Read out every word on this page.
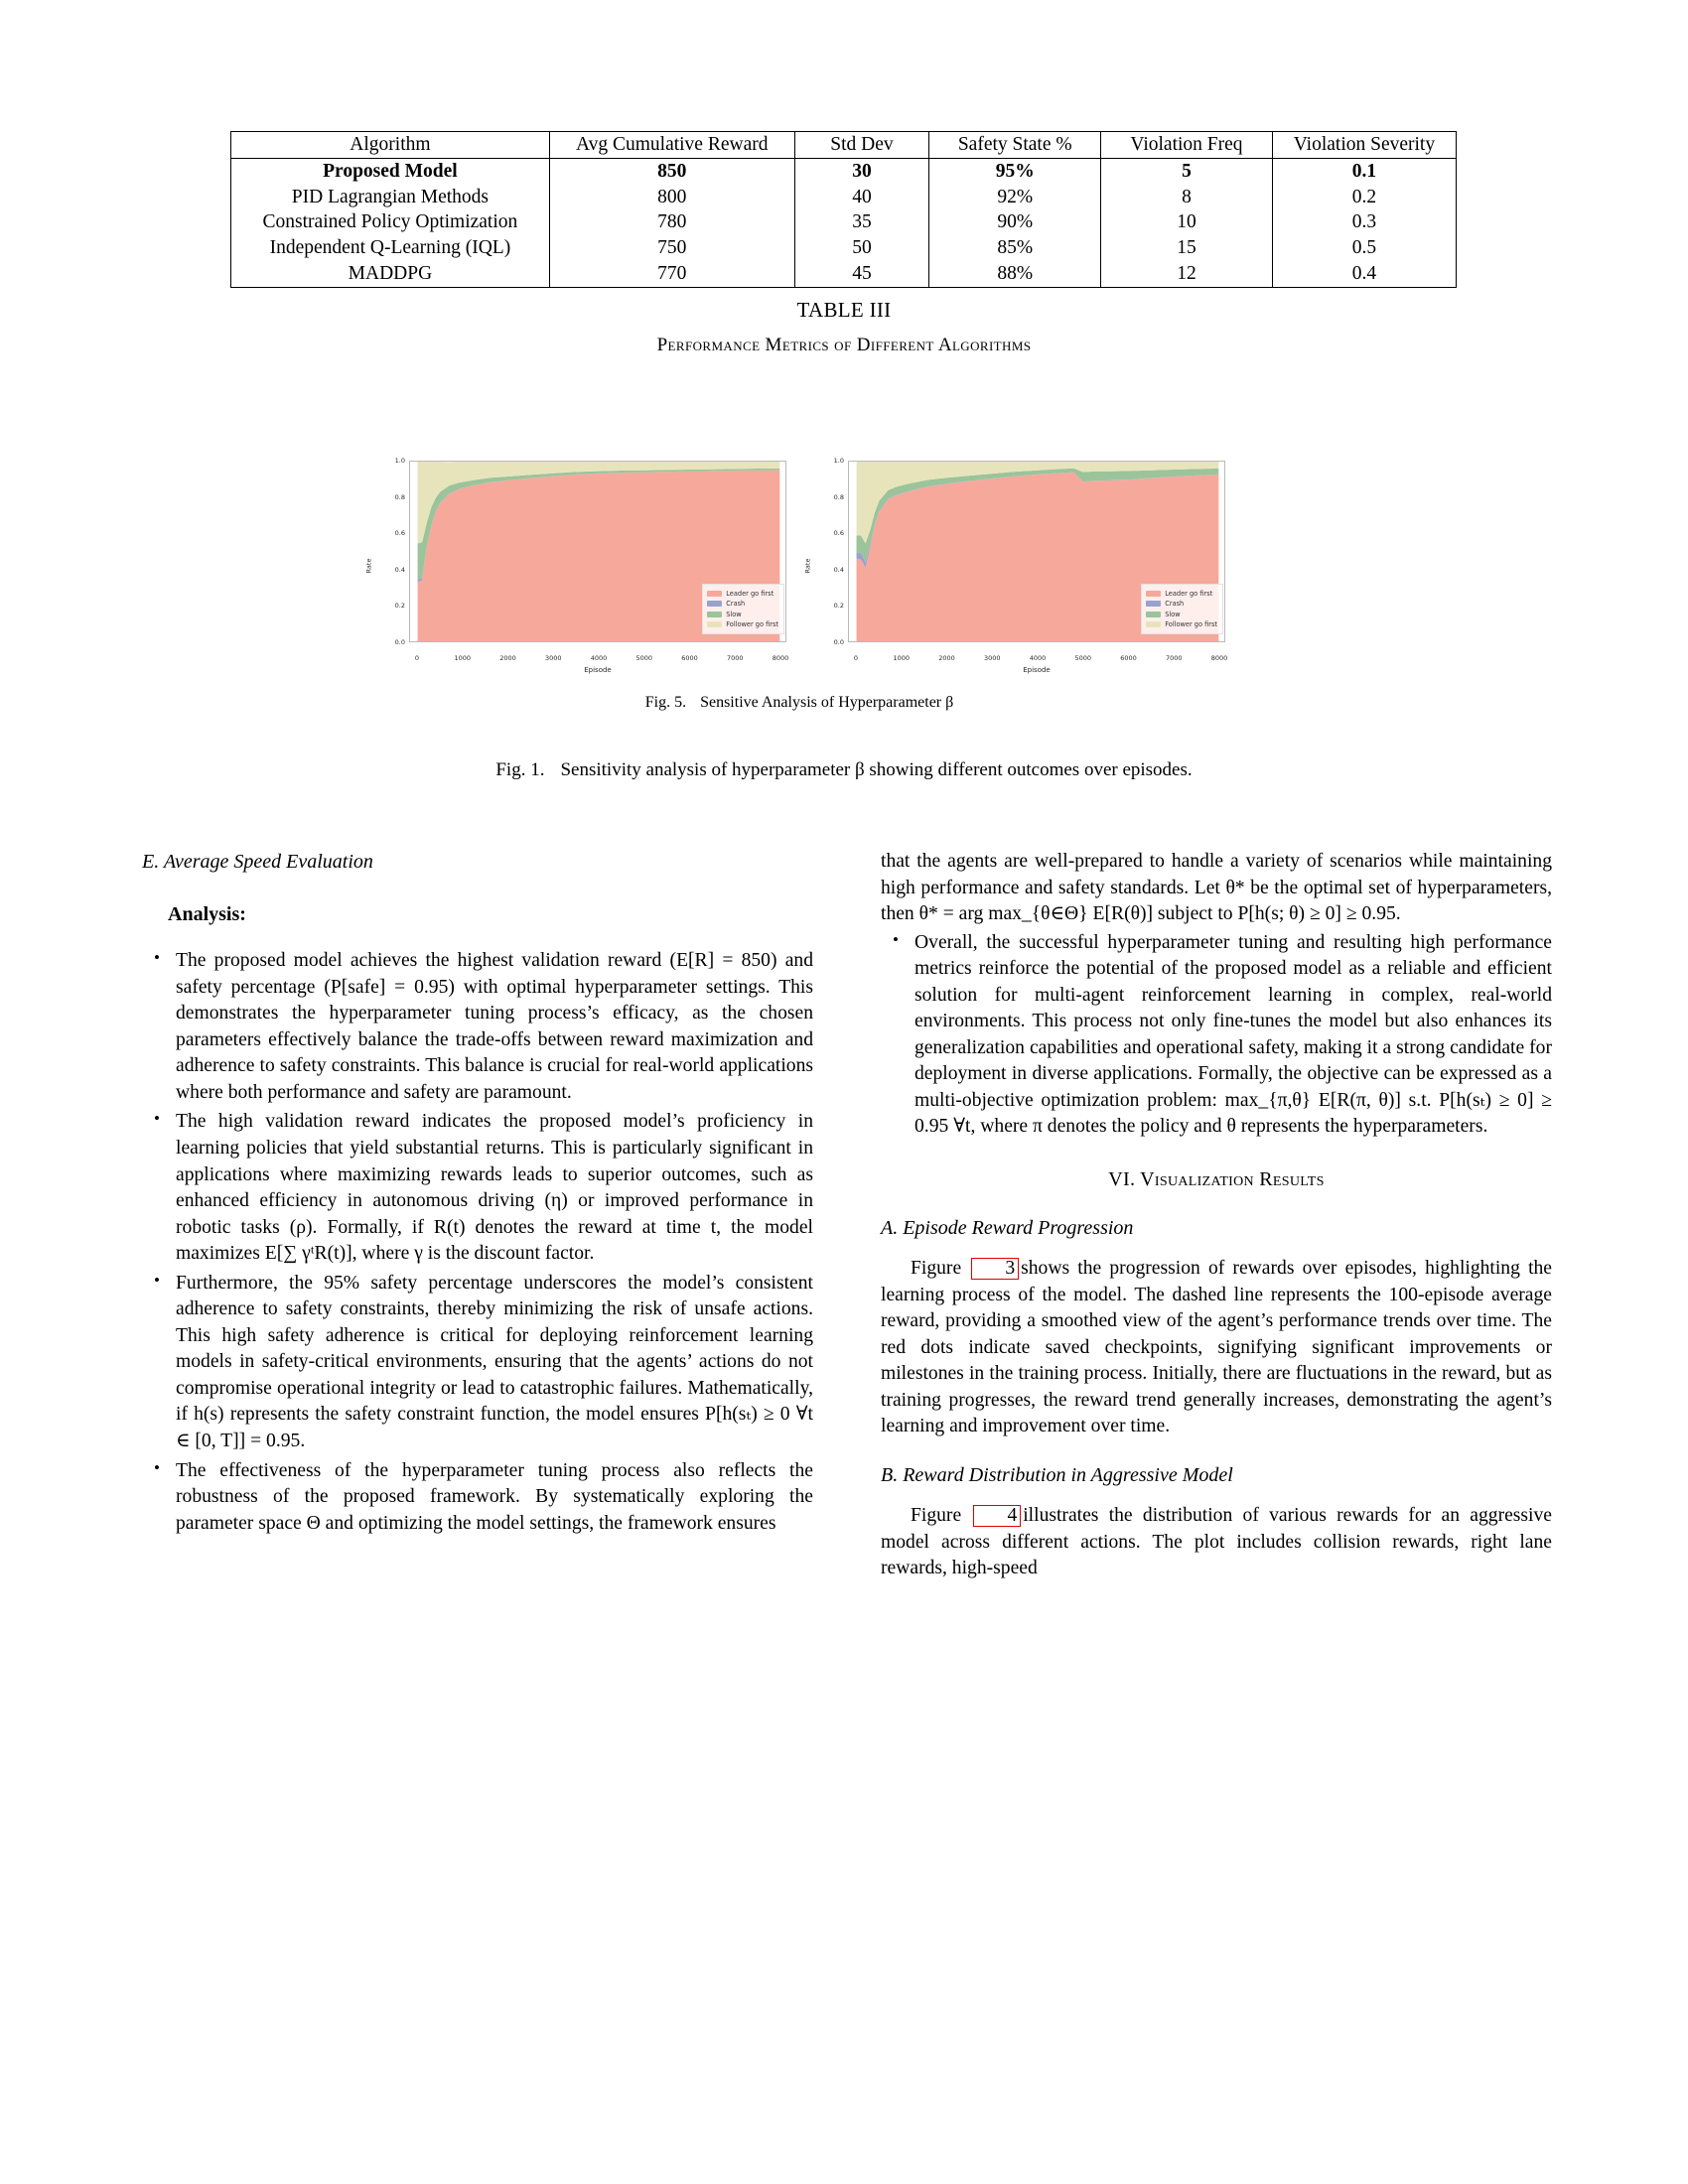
Algorithm	Avg Cumulative Reward	Std Dev	Safety State %	Violation Freq	Violation Severity
Proposed Model	850	30	95%	5	0.1
PID Lagrangian Methods	800	40	92%	8	0.2
Constrained Policy Optimization	780	35	90%	10	0.3
Independent Q-Learning (IQL)	750	50	85%	15	0.5
MADDPG	770	45	88%	12	0.4
TABLE III
Performance Metrics of Different Algorithms
Rate
Episode
Leader go first
Crash
Slow
Follower go first
0.0
0.2
0.4
0.6
0.8
1.0
0	1000	2000	3000	4000	5000	6000	7000	8000
Rate
Episode
Leader go first
Crash
Slow
Follower go first
0.0
0.2
0.4
0.6
0.8
1.0
0	1000	2000	3000	4000	5000	6000	7000	8000
Fig. 5. Sensitive Analysis of Hyperparameter β
Fig. 1. Sensitivity analysis of hyperparameter β showing different outcomes over episodes.
E. Average Speed Evaluation
Analysis:
• The proposed model achieves the highest validation reward (E[R] = 850) and safety percentage (P[safe] = 0.95) with optimal hyperparameter settings. This demonstrates the hyperparameter tuning process’s efficacy, as the chosen parameters effectively balance the trade-offs between reward maximization and adherence to safety constraints. This balance is crucial for real-world applications where both performance and safety are paramount.
• The high validation reward indicates the proposed model’s proficiency in learning policies that yield substantial returns. This is particularly significant in applications where maximizing rewards leads to superior outcomes, such as enhanced efficiency in autonomous driving (η) or improved performance in robotic tasks (ρ). Formally, if R(t) denotes the reward at time t, the model maximizes E[∑ γᵗR(t)], where γ is the discount factor.
• Furthermore, the 95% safety percentage underscores the model’s consistent adherence to safety constraints, thereby minimizing the risk of unsafe actions. This high safety adherence is critical for deploying reinforcement learning models in safety-critical environments, ensuring that the agents’ actions do not compromise operational integrity or lead to catastrophic failures. Mathematically, if h(s) represents the safety constraint function, the model ensures P[h(sₜ) ≥ 0 ∀t ∈ [0, T]] = 0.95.
• The effectiveness of the hyperparameter tuning process also reflects the robustness of the proposed framework. By systematically exploring the parameter space Θ and optimizing the model settings, the framework ensures

that the agents are well-prepared to handle a variety of scenarios while maintaining high performance and safety standards. Let θ* be the optimal set of hyperparameters, then θ* = arg max_{θ∈Θ} E[R(θ)] subject to P[h(s; θ) ≥ 0] ≥ 0.95.

• Overall, the successful hyperparameter tuning and resulting high performance metrics reinforce the potential of the proposed model as a reliable and efficient solution for multi-agent reinforcement learning in complex, real-world environments. This process not only fine-tunes the model but also enhances its generalization capabilities and operational safety, making it a strong candidate for deployment in diverse applications. Formally, the objective can be expressed as a multi-objective optimization problem: max_{π,θ} E[R(π, θ)] s.t. P[h(sₜ) ≥ 0] ≥ 0.95 ∀t, where π denotes the policy and θ represents the hyperparameters.
VI. Visualization Results
A. Episode Reward Progression

Figure 3 shows the progression of rewards over episodes, highlighting the learning process of the model. The dashed line represents the 100-episode average reward, providing a smoothed view of the agent’s performance trends over time. The red dots indicate saved checkpoints, signifying significant improvements or milestones in the training process. Initially, there are fluctuations in the reward, but as training progresses, the reward trend generally increases, demonstrating the agent’s learning and improvement over time.

B. Reward Distribution in Aggressive Model

Figure 4 illustrates the distribution of various rewards for an aggressive model across different actions. The plot includes collision rewards, right lane rewards, high-speed
